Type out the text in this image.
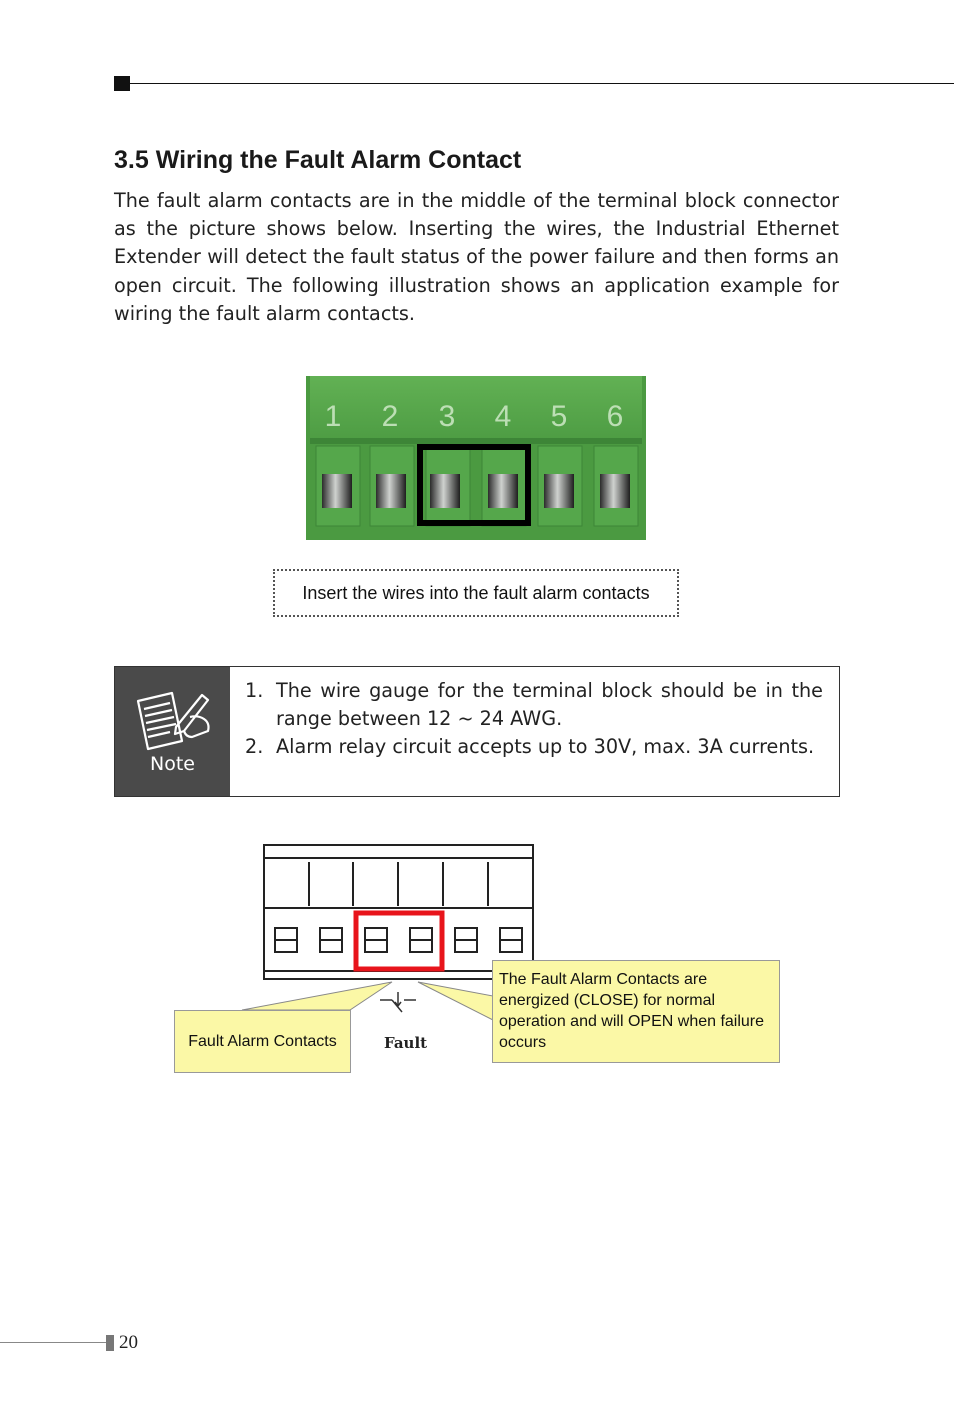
3.5 Wiring the Fault Alarm Contact
The fault alarm contacts are in the middle of the terminal block connector as the picture shows below. Inserting the wires, the Industrial Ethernet Extender will detect the fault status of the power failure and then forms an open circuit. The following illustration shows an application example for wiring the fault alarm contacts.
1 2 3 4 5 6
Insert the wires into the fault alarm contacts
Note
1. The wire gauge for the terminal block should be in the range between 12 ~ 24 AWG.
2. Alarm relay circuit accepts up to 30V, max. 3A currents.
Fault Alarm Contacts
The Fault Alarm Contacts are energized (CLOSE) for normal operation and will OPEN when failure occurs
Fault
20
